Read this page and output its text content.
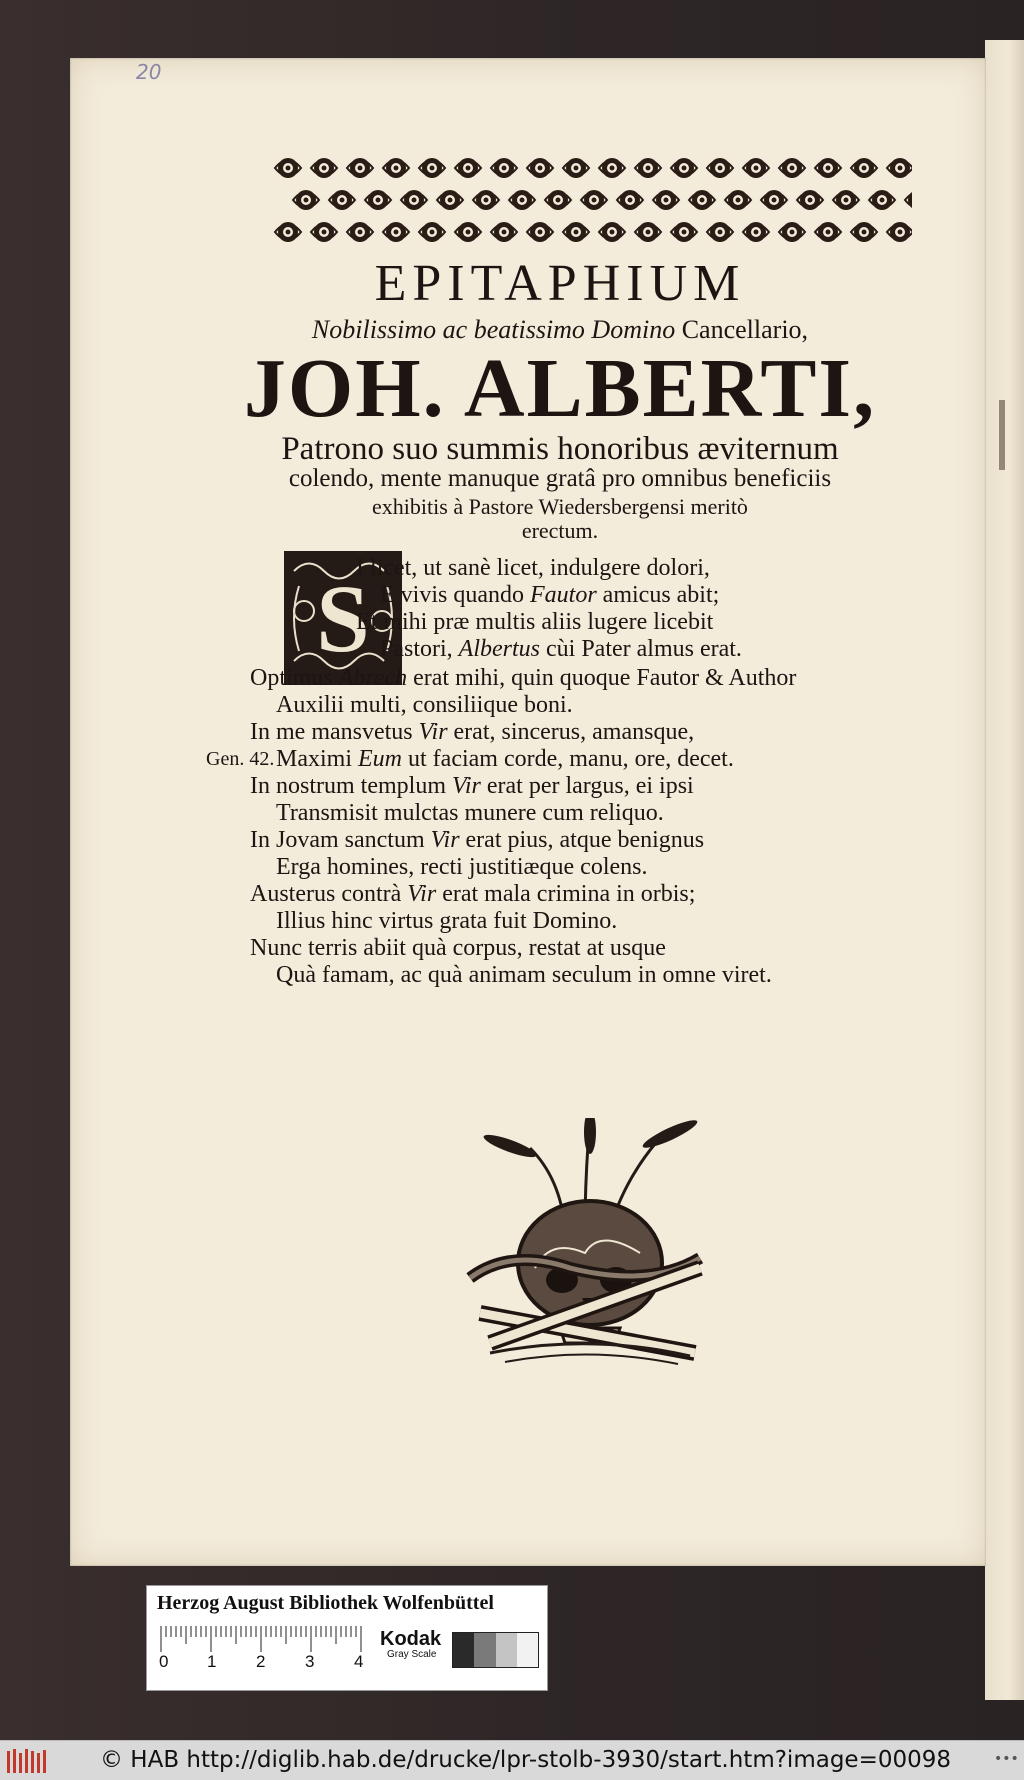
20
EPITAPHIUM
Nobilissimo ac beatissimo Domino Cancellario,
JOH. ALBERTI,
Patrono suo summis honoribus æviternum
colendo, mente manuque gratâ pro omnibus beneficiis
exhibitis à Pastore Wiedersbergensi meritò
erectum.
S
Gen. 42.
I licet, ut sanè licet, indulgere dolori,
E vivis quando Fautor amicus abit;
Et mihi præ multis aliis lugere licebit
Pastori, Albertus cùi Pater almus erat.
Optimus Abrech erat mihi, quin quoque Fautor & Author
Auxilii multi, consiliique boni.
In me mansvetus Vir erat, sincerus, amansque,
Maximi Eum ut faciam corde, manu, ore, decet.
In nostrum templum Vir erat per largus, ei ipsi
Transmisit mulctas munere cum reliquo.
In Jovam sanctum Vir erat pius, atque benignus
Erga homines, recti justitiæque colens.
Austerus contrà Vir erat mala crimina in orbis;
Illius hinc virtus grata fuit Domino.
Nunc terris abiit quà corpus, restat at usque
Quà famam, ac quà animam seculum in omne viret.
Herzog August Bibliothek Wolfenbüttel
0 1 2 3 4
Kodak
Gray Scale
© HAB http://diglib.hab.de/drucke/lpr-stolb-3930/start.htm?image=00098	•••
